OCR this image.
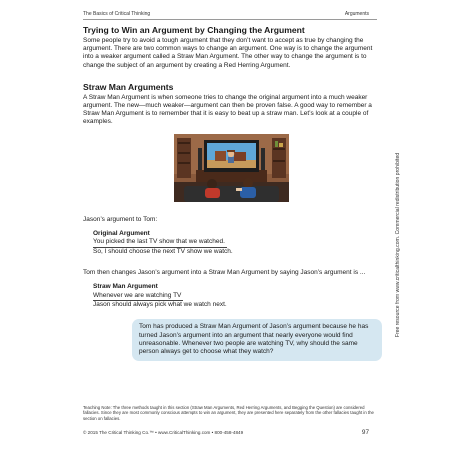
The Basics of Critical Thinking	Arguments
Trying to Win an Argument by Changing the Argument

Some people try to avoid a tough argument that they don’t want to accept as true by changing the argument. There are two common ways to change an argument. One way is to change the argument into a weaker argument called a Straw Man Argument. The other way to change the argument is to change the subject of an argument by creating a Red Herring Argument.

Straw Man Arguments

A Straw Man Argument is when someone tries to change the original argument into a much weaker argument. The new—much weaker—argument can then be proven false. A good way to remember a Straw Man Argument is to remember that it is easy to beat up a straw man. Let’s look at a couple of examples.

Jason’s argument to Tom:

Original Argument
You picked the last TV show that we watched.
So, I should choose the next TV show we watch.

Tom then changes Jason’s argument into a Straw Man Argument by saying Jason’s argument is ...

Straw Man Argument
Whenever we are watching TV
Jason should always pick what we watch next.
Tom has produced a Straw Man Argument of Jason’s argument because he has turned Jason’s argument into an argument that nearly everyone would find unreasonable. Whenever two people are watching TV, why should the same person always get to choose what they watch?
Teaching Note: The three methods taught in this section (Straw Man Arguments, Red Herring Arguments, and Begging the Question) are considered fallacies. Since they are most commonly conscious attempts to win an argument, they are presented here separately from the other fallacies taught in the section on fallacies.
© 2015 The Critical Thinking Co.™ • www.CriticalThinking.com • 800-458-4849	97
Free resource from www.criticalthinking.com. Commercial redistribution prohibited
